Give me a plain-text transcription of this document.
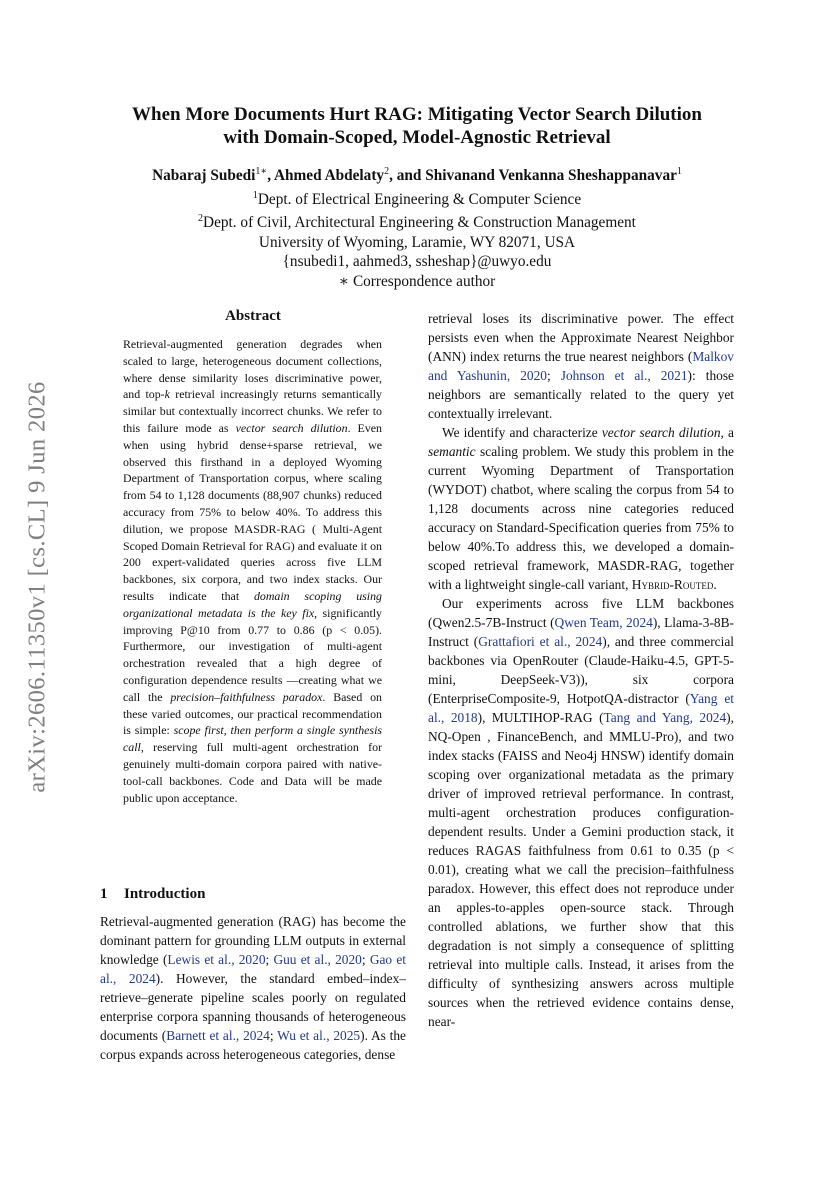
arXiv:2606.11350v1 [cs.CL] 9 Jun 2026
When More Documents Hurt RAG: Mitigating Vector Search Dilution
with Domain-Scoped, Model-Agnostic Retrieval
Nabaraj Subedi$^{1∗}$, Ahmed Abdelaty$^2$, and Shivanand Venkanna Sheshappanavar$^1$
$^1$Dept. of Electrical Engineering & Computer Science
$^2$Dept. of Civil, Architectural Engineering & Construction Management
University of Wyoming, Laramie, WY 82071, USA
{nsubedi1, aahmed3, ssheshap}@uwyo.edu
∗ Correspondence author
Abstract
Retrieval-augmented generation degrades when scaled to large, heterogeneous document collections, where dense similarity loses discriminative power, and top-k retrieval increasingly returns semantically similar but contextually incorrect chunks. We refer to this failure mode as vector search dilution. Even when using hybrid dense+sparse retrieval, we observed this firsthand in a deployed Wyoming Department of Transportation corpus, where scaling from 54 to 1,128 documents (88,907 chunks) reduced accuracy from 75% to below 40%. To address this dilution, we propose MASDR-RAG ( Multi-Agent Scoped Domain Retrieval for RAG) and evaluate it on 200 expert-validated queries across five LLM backbones, six corpora, and two index stacks. Our results indicate that domain scoping using organizational metadata is the key fix, significantly improving P@10 from 0.77 to 0.86 (p < 0.05). Furthermore, our investigation of multi-agent orchestration revealed that a high degree of configuration dependence results —creating what we call the precision–faithfulness paradox. Based on these varied outcomes, our practical recommendation is simple: scope first, then perform a single synthesis call, reserving full multi-agent orchestration for genuinely multi-domain corpora paired with native-tool-call backbones. Code and Data will be made public upon acceptance.
1 Introduction

Retrieval-augmented generation (RAG) has become the dominant pattern for grounding LLM outputs in external knowledge (Lewis et al., 2020; Guu et al., 2020; Gao et al., 2024). However, the standard embed–index–retrieve–generate pipeline scales poorly on regulated enterprise corpora spanning thousands of heterogeneous documents (Barnett et al., 2024; Wu et al., 2025). As the corpus expands across heterogeneous categories, dense

retrieval loses its discriminative power. The effect persists even when the Approximate Nearest Neighbor (ANN) index returns the true nearest neighbors (Malkov and Yashunin, 2020; Johnson et al., 2021): those neighbors are semantically related to the query yet contextually irrelevant.

We identify and characterize vector search dilution, a semantic scaling problem. We study this problem in the current Wyoming Department of Transportation (WYDOT) chatbot, where scaling the corpus from 54 to 1,128 documents across nine categories reduced accuracy on Standard-Specification queries from 75% to below 40%.To address this, we developed a domain-scoped retrieval framework, MASDR-RAG, together with a lightweight single-call variant, Hybrid-Routed.

Our experiments across five LLM backbones (Qwen2.5-7B-Instruct (Qwen Team, 2024), Llama-3-8B-Instruct (Grattafiori et al., 2024), and three commercial backbones via OpenRouter (Claude-Haiku-4.5, GPT-5-mini, DeepSeek-V3)), six corpora (EnterpriseComposite-9, HotpotQA-distractor (Yang et al., 2018), MULTIHOP-RAG (Tang and Yang, 2024), NQ-Open , FinanceBench, and MMLU-Pro), and two index stacks (FAISS and Neo4j HNSW) identify domain scoping over organizational metadata as the primary driver of improved retrieval performance. In contrast, multi-agent orchestration produces configuration-dependent results. Under a Gemini production stack, it reduces RAGAS faithfulness from 0.61 to 0.35 (p < 0.01), creating what we call the precision–faithfulness paradox. However, this effect does not reproduce under an apples-to-apples open-source stack. Through controlled ablations, we further show that this degradation is not simply a consequence of splitting retrieval into multiple calls. Instead, it arises from the difficulty of synthesizing answers across multiple sources when the retrieved evidence contains dense, near-
